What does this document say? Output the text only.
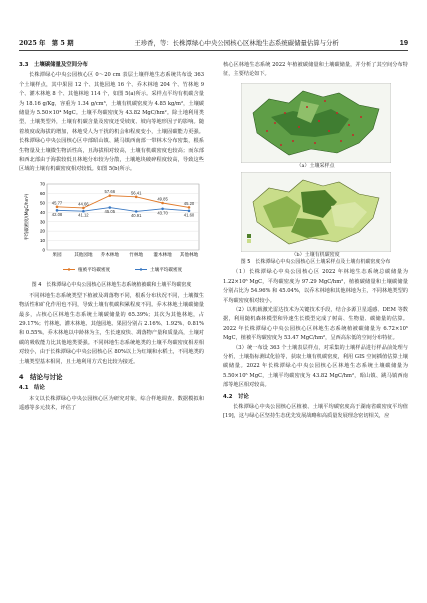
2025 年　第 5 期	王珍香，等：长株潭绿心中央公园核心区林地生态系统碳储量估算与分析	19
3.3　土壤碳储量及空间分布

长株潭绿心中央公园核心区 0～20 cm 表层土壤样地生态系统共布设 363 个土壤样点，其中果园 12 个、其他园地 16 个、乔木林地 204 个、竹林地 9 个、灌木林地 8 个、其他林地 114 个，如图 5(a)所示。采样点平均有机碳含量为 18.16 g/Kg，容重为 1.34 g/cm³，土壤有机碳密度为 4.85 kg/m²，土壤碳储量为 5.50×10⁴ MgC。土壤平均碳密度为 43.82 MgC/hm²。除土地利用类型，土壤类型外，土壤有机碳含量及密度还受坡度、坡向等地形因子的影响。随着坡度或海拔的增加，林地受人为干扰的机会和程度变小，土壤固碳能力更强。长株潭绿心中央公园核心区中部昭山镇、跳马镇西南部一带林木分布密集，根系生物量及土壤微生物活性高，且海拔相对较高，土壤有机碳密度也较高；而东部和西北部由于海拔较低且林地分布较为分散，土壤地块破碎程度较高，导致这些区域的土壤有机碳密度相对较低。如图 5(b)所示。

0
10
20
30
40
50
60
70
平均碳密度/(MgC/hm²)
果园	其他园地 乔木林地 竹林地 灌木林地 其他林地
45.77	44.66
57.66	56.41
49.85
45.20
42.08	41.12
45.05
40.91
43.70	41.60
植被平均碳密度	土壤平均碳密度
图 4　长株潭绿心中央公园核心区林地生态系统植被碳和土壤平均碳密度

不同林地生态系统类型下植被及凋落物不同，根系分布状况不同，土壤微生物活性和矿化作用也不同，导致土壤有机碳积累程度不同。乔木林地土壤碳储量最多，占核心区林地生态系统土壤碳储量的 65.39%；其次为其他林地，占 29.17%；竹林地、灌木林地、其他园地、果园分别占 2.16%、1.92%、0.81% 和 0.55%。乔木林地以中龄林为主，生长速度快、凋落物产量和质量高，土壤对碳的吸收能力比其他地类要强。不同林地生态系统地类的土壤平均碳密度相差相对较小，由于长株潭绿心中央公园核心区 80%以上为红壤和水稻土，不同地类的土壤类型基本相同，且土地利用方式也比较为接近。

4　结论与讨论
4.1　结论

本文以长株潭绿心中央公园核心区为研究对象，综合样地调查、数据模拟和遥感等多元技术，评估了

核心区林地生态系统 2022 年植被碳储量和土壤碳储量，并分析了其空间分布特征，主要结论如下。

（a）土壤采样点
（b）土壤有机碳密度
图 5　长株潭绿心中央公园核心区土壤采样点及土壤有机碳密度分布

（1）长株潭绿心中央公园核心区 2022 年林地生态系统总碳储量为 1.22×10⁶ MgC，平均碳密度为 97.29 MgC/hm²，植被碳储量和土壤碳储量分别占比为 54.96% 和 45.04%，以乔木林地和其他林地为主，不同林地类型的平均碳密度相对较小。

（2）以机载激光雷达技术为关键技术手段，结合多源卫星遥感、DEM 等数据，利用随机森林模型和异速生长模型完成了树高、生物量、碳储量的估算。2022 年长株潭绿心中央公园核心区林地生态系统植被碳储量为 6.72×10⁵ MgC，植被平均碳密度为 53.47 MgC/hm²，呈西高东低的空间分布特征。

（3）统一布设 363 个土壤表层样点，对采集的土壤样品进行样品前处理与分析，土壤指标测试化验等，获取土壤有机碳密度，利用 GIS 空间插值估算土壤碳储量。2022 年长株潭绿心中央公园核心区林地生态系统土壤碳储量为 5.50×10⁵ MgC，土壤平均碳密度为 43.82 MgC/hm²，昭山镇、跳马镇西南部等地区相对较高。

4.2　讨论

长株潭绿心中央公园核心区植被、土壤平均碳密度高于湖南省碳密度平均值[19]，这与绿心区坚持生态优先发展战略和高质量发展理念密切相关，应
